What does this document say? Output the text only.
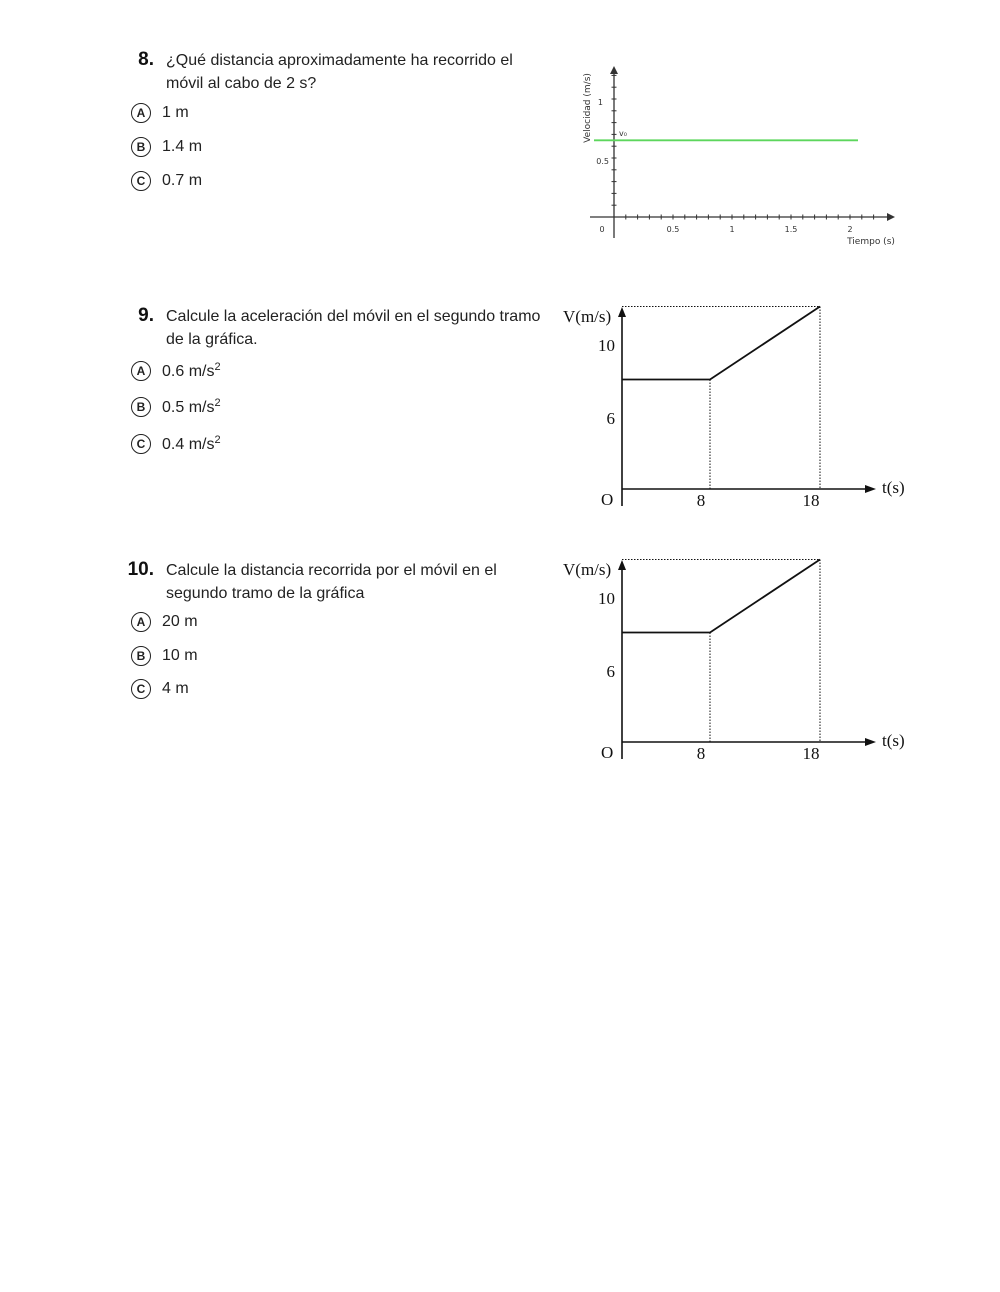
8. ¿Qué distancia aproximadamente ha recorrido el móvil al cabo de 2 s?
A	1 m
B	1.4 m
C	0.7 m
v₀
1
0.5
0	0.5	1	1.5	2
Tiempo (s)
Velocidad (m/s)
9. Calcule la aceleración del móvil en el segundo tramo de la gráfica.
A	0.6 $m/s^2$
B	0.5 $m/s^2$
C	0.4 $m/s^2$
V(m/s)
10
6
O	8	18
t(s)
10. Calcule la distancia recorrida por el móvil en el segundo tramo de la gráfica
A	20 m
B	10 m
C	4 m
V(m/s)
10
6
O	8	18
t(s)
